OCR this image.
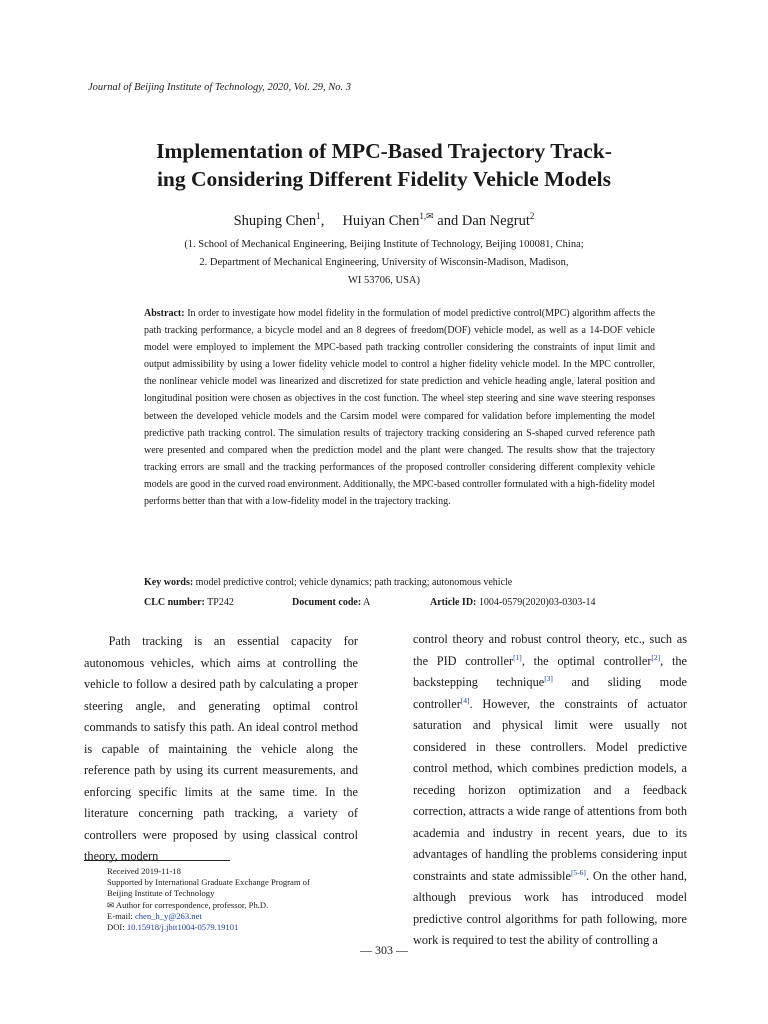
Journal of Beijing Institute of Technology, 2020, Vol. 29, No. 3
Implementation of MPC-Based Trajectory Track-
ing Considering Different Fidelity Vehicle Models
Shuping Chen$^1$, Huiyan Chen$^{1,✉}$ and Dan Negrut$^2$
(1. School of Mechanical Engineering, Beijing Institute of Technology, Beijing 100081, China;
2. Department of Mechanical Engineering, University of Wisconsin-Madison, Madison,
WI 53706, USA)

Abstract: In order to investigate how model fidelity in the formulation of model predictive control(MPC) algorithm affects the path tracking performance, a bicycle model and an 8 degrees of freedom(DOF) vehicle model, as well as a 14-DOF vehicle model were employed to implement the MPC-based path tracking controller considering the constraints of input limit and output admissibility by using a lower fidelity vehicle model to control a higher fidelity vehicle model. In the MPC controller, the nonlinear vehicle model was linearized and discretized for state prediction and vehicle heading angle, lateral position and longitudinal position were chosen as objectives in the cost function. The wheel step steering and sine wave steering responses between the developed vehicle models and the Carsim model were compared for validation before implementing the model predictive path tracking control. The simulation results of trajectory tracking considering an S-shaped curved reference path were presented and compared when the prediction model and the plant were changed. The results show that the trajectory tracking errors are small and the tracking performances of the proposed controller considering different complexity vehicle models are good in the curved road environment. Additionally, the MPC-based controller formulated with a high-fidelity model performs better than that with a low-fidelity model in the trajectory tracking.

Key words: model predictive control; vehicle dynamics; path tracking; autonomous vehicle
CLC number: TP242	Document code: A	Article ID: 1004-0579(2020)03-0303-14

Path tracking is an essential capacity for autonomous vehicles, which aims at controlling the vehicle to follow a desired path by calculating a proper steering angle, and generating optimal control commands to satisfy this path. An ideal control method is capable of maintaining the vehicle along the reference path by using its current measurements, and enforcing specific limits at the same time. In the literature concerning path tracking, a variety of controllers were proposed by using classical control theory, modern

control theory and robust control theory, etc., such as the PID controller[1], the optimal controller[2], the backstepping technique[3] and sliding mode controller[4]. However, the constraints of actuator saturation and physical limit were usually not considered in these controllers. Model predictive control method, which combines prediction models, a receding horizon optimization and a feedback correction, attracts a wide range of attentions from both academia and industry in recent years, due to its advantages of handling the problems considering input constraints and state admissible[5-6]. On the other hand, although previous work has introduced model predictive control algorithms for path following, more work is required to test the ability of controlling a

Received 2019-11-18
Supported by International Graduate Exchange Program of
Beijing Institute of Technology
✉ Author for correspondence, professor, Ph.D.
E-mail: chen_h_y@263.net
DOI: 10.15918/j.jbit1004-0579.19101
— 303 —
